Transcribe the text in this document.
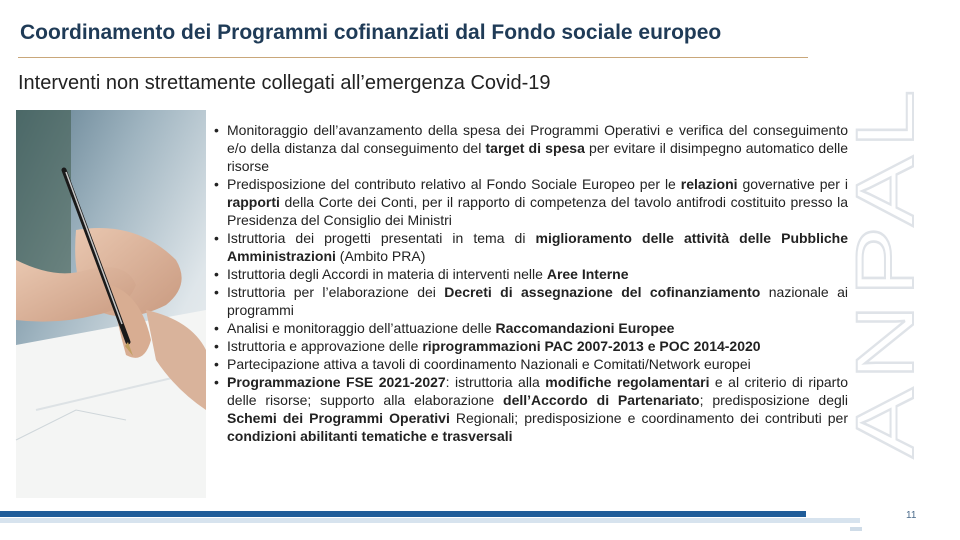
Coordinamento dei Programmi cofinanziati dal Fondo sociale europeo
Interventi non strettamente collegati all’emergenza Covid-19
• Monitoraggio dell’avanzamento della spesa dei Programmi Operativi e verifica del conseguimento e/o della distanza dal conseguimento del target di spesa per evitare il disimpegno automatico delle risorse
• Predisposizione del contributo relativo al Fondo Sociale Europeo per le relazioni governative per i rapporti della Corte dei Conti, per il rapporto di competenza del tavolo antifrodi costituito presso la Presidenza del Consiglio dei Ministri
• Istruttoria dei progetti presentati in tema di miglioramento delle attività delle Pubbliche Amministrazioni (Ambito PRA)
• Istruttoria degli Accordi in materia di interventi nelle Aree Interne
• Istruttoria per l’elaborazione dei Decreti di assegnazione del cofinanziamento nazionale ai programmi
• Analisi e monitoraggio dell’attuazione delle Raccomandazioni Europee
• Istruttoria e approvazione delle riprogrammazioni PAC 2007-2013 e POC 2014-2020
• Partecipazione attiva a tavoli di coordinamento Nazionali e Comitati/Network europei
• Programmazione FSE 2021-2027: istruttoria alla modifiche regolamentari e al criterio di riparto delle risorse; supporto alla elaborazione dell’Accordo di Partenariato; predisposizione degli Schemi dei Programmi Operativi Regionali; predisposizione e coordinamento dei contributi per condizioni abilitanti tematiche e trasversali	ANPAL
11
